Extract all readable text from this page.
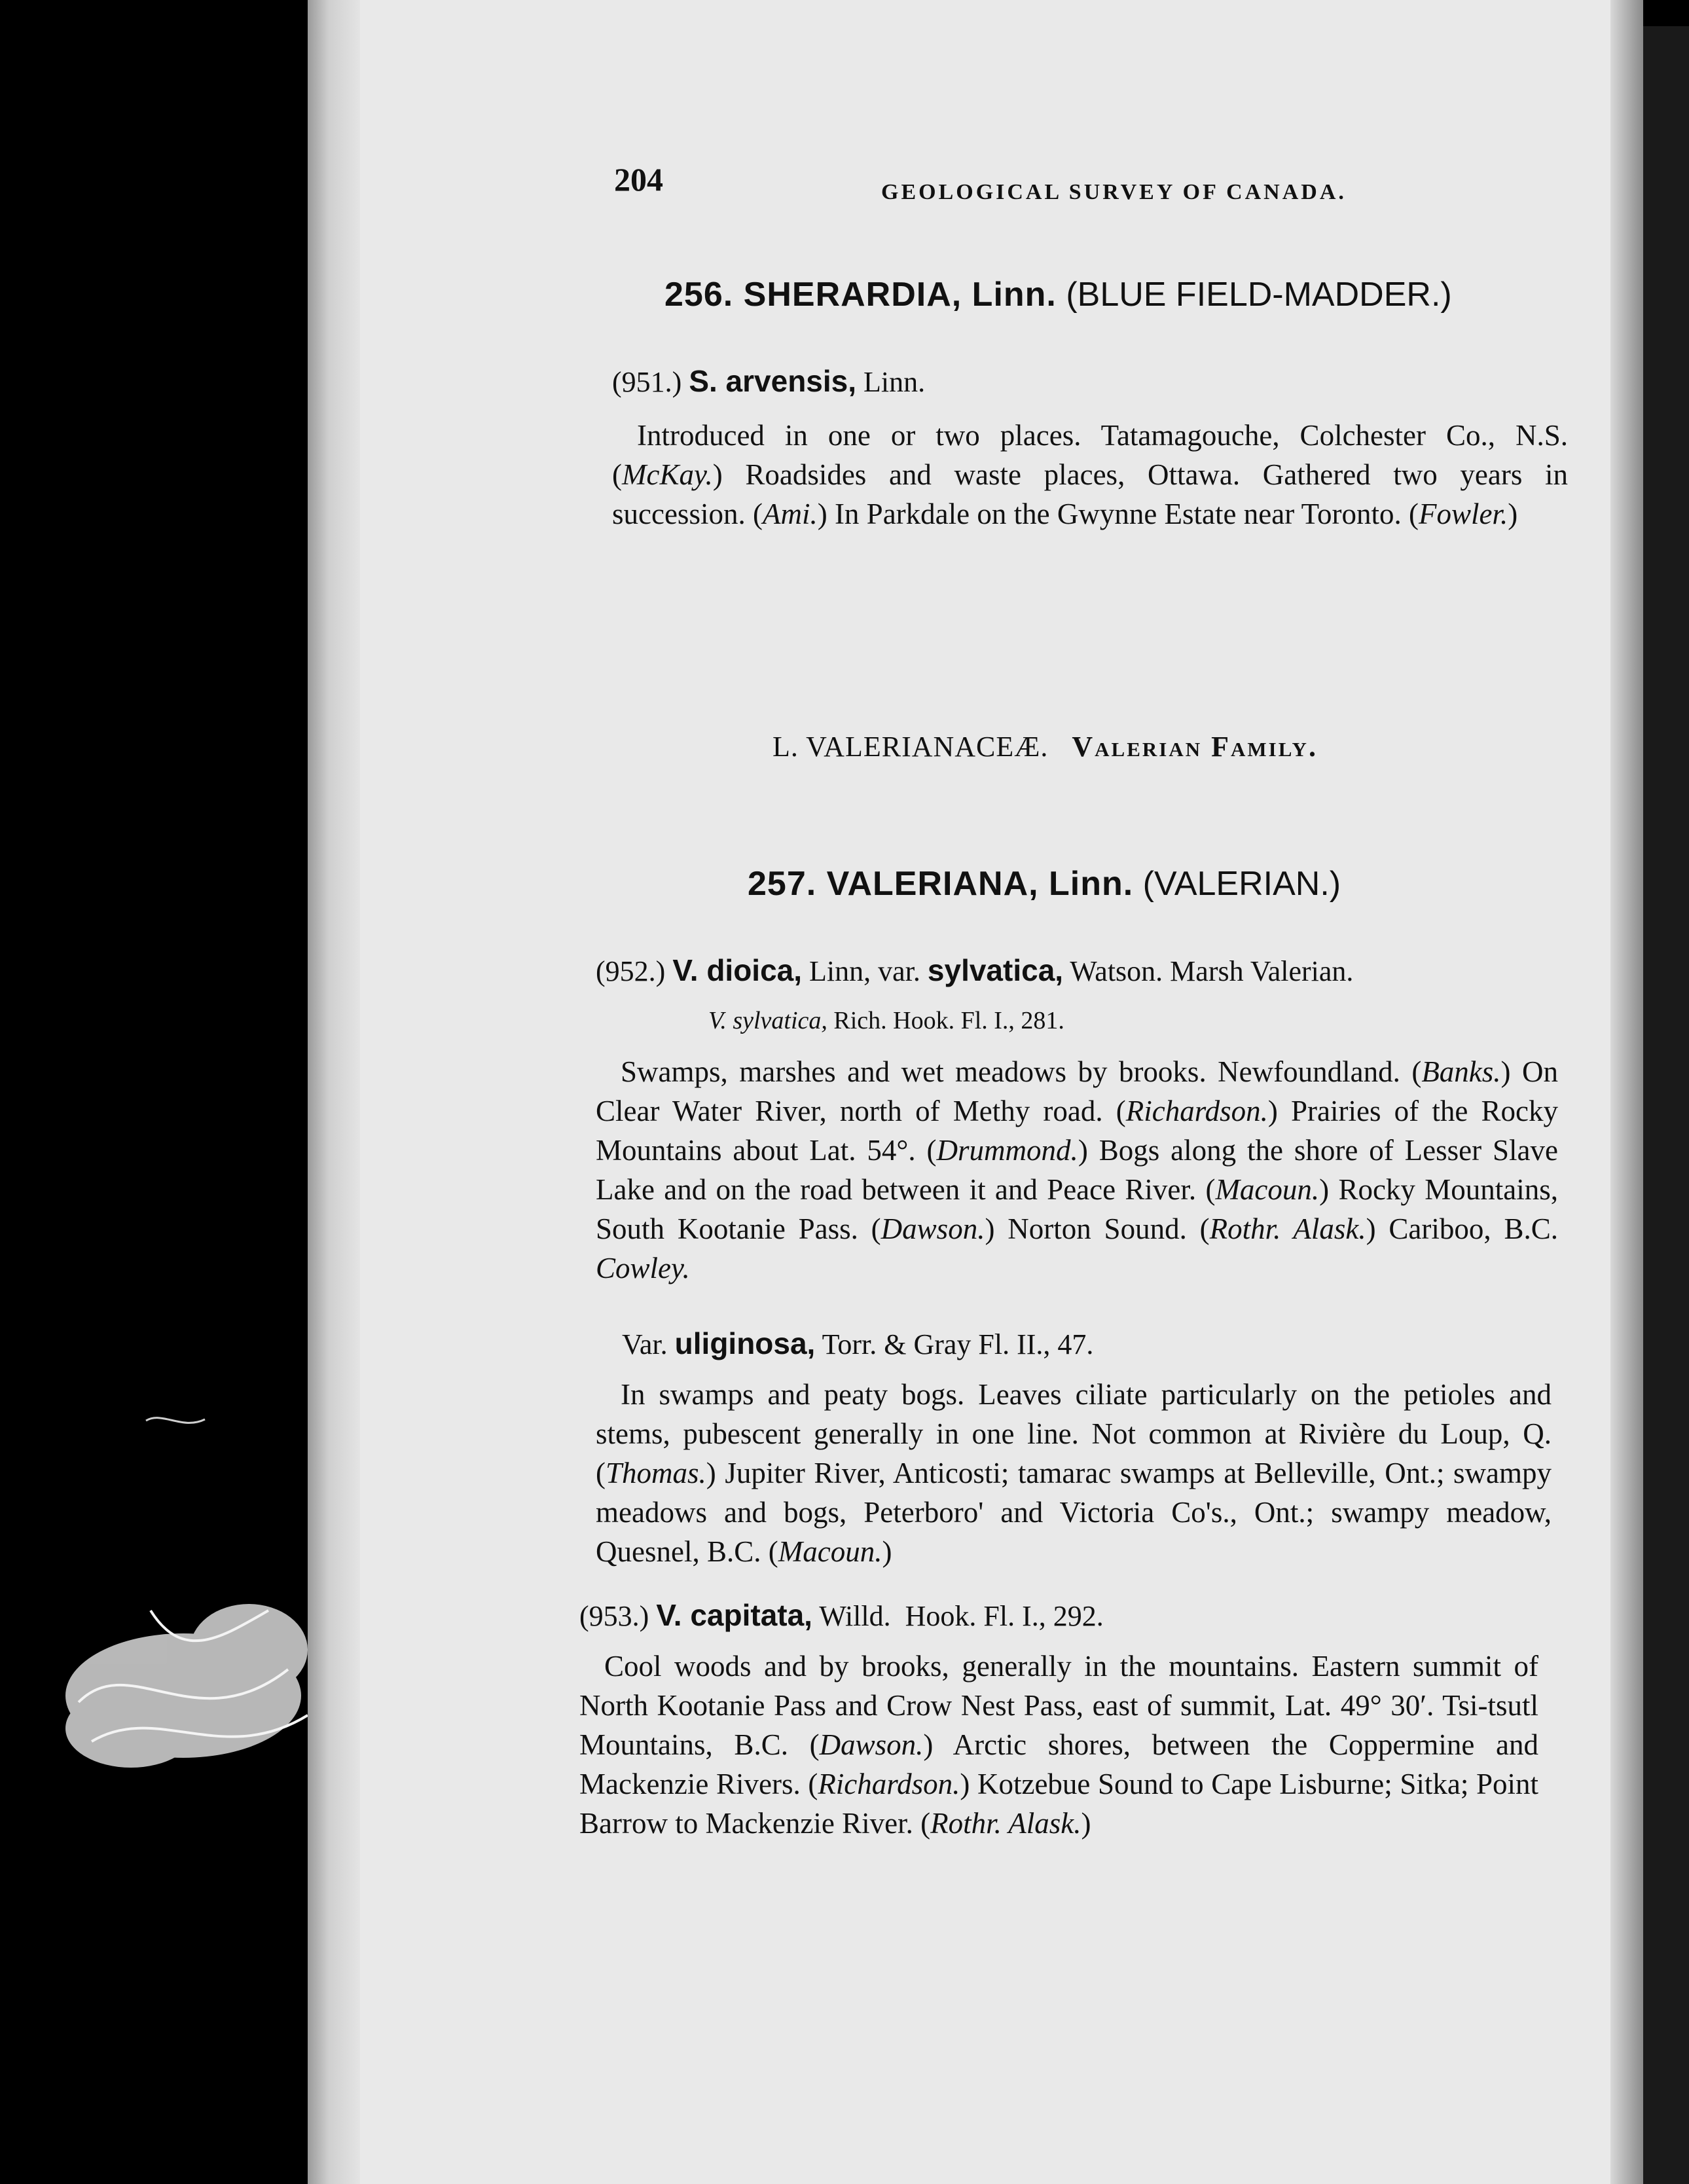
204	GEOLOGICAL SURVEY OF CANADA.
256. SHERARDIA, Linn. (BLUE FIELD-MADDER.)
(951.) S. arvensis, Linn.
Introduced in one or two places. Tatamagouche, Colchester Co., N.S. (McKay.) Roadsides and waste places, Ottawa. Gathered two years in succession. (Ami.) In Parkdale on the Gwynne Estate near Toronto. (Fowler.)
L. VALERIANACEÆ. Valerian Family.
257. VALERIANA, Linn. (VALERIAN.)
(952.) V. dioica, Linn, var. sylvatica, Watson. Marsh Valerian.
V. sylvatica, Rich. Hook. Fl. I., 281.
Swamps, marshes and wet meadows by brooks. Newfoundland. (Banks.) On Clear Water River, north of Methy road. (Richardson.) Prairies of the Rocky Mountains about Lat. 54°. (Drummond.) Bogs along the shore of Lesser Slave Lake and on the road between it and Peace River. (Macoun.) Rocky Mountains, South Kootanie Pass. (Dawson.) Norton Sound. (Rothr. Alask.) Cariboo, B.C. Cowley.
Var. uliginosa, Torr. & Gray Fl. II., 47.
In swamps and peaty bogs. Leaves ciliate particularly on the petioles and stems, pubescent generally in one line. Not common at Rivière du Loup, Q. (Thomas.) Jupiter River, Anticosti; tamarac swamps at Belleville, Ont.; swampy meadows and bogs, Peterboro' and Victoria Co's., Ont.; swampy meadow, Quesnel, B.C. (Macoun.)
(953.) V. capitata, Willd. Hook. Fl. I., 292.
Cool woods and by brooks, generally in the mountains. Eastern summit of North Kootanie Pass and Crow Nest Pass, east of summit, Lat. 49° 30′. Tsi-tsutl Mountains, B.C. (Dawson.) Arctic shores, between the Coppermine and Mackenzie Rivers. (Richardson.) Kotzebue Sound to Cape Lisburne; Sitka; Point Barrow to Mackenzie River. (Rothr. Alask.)
